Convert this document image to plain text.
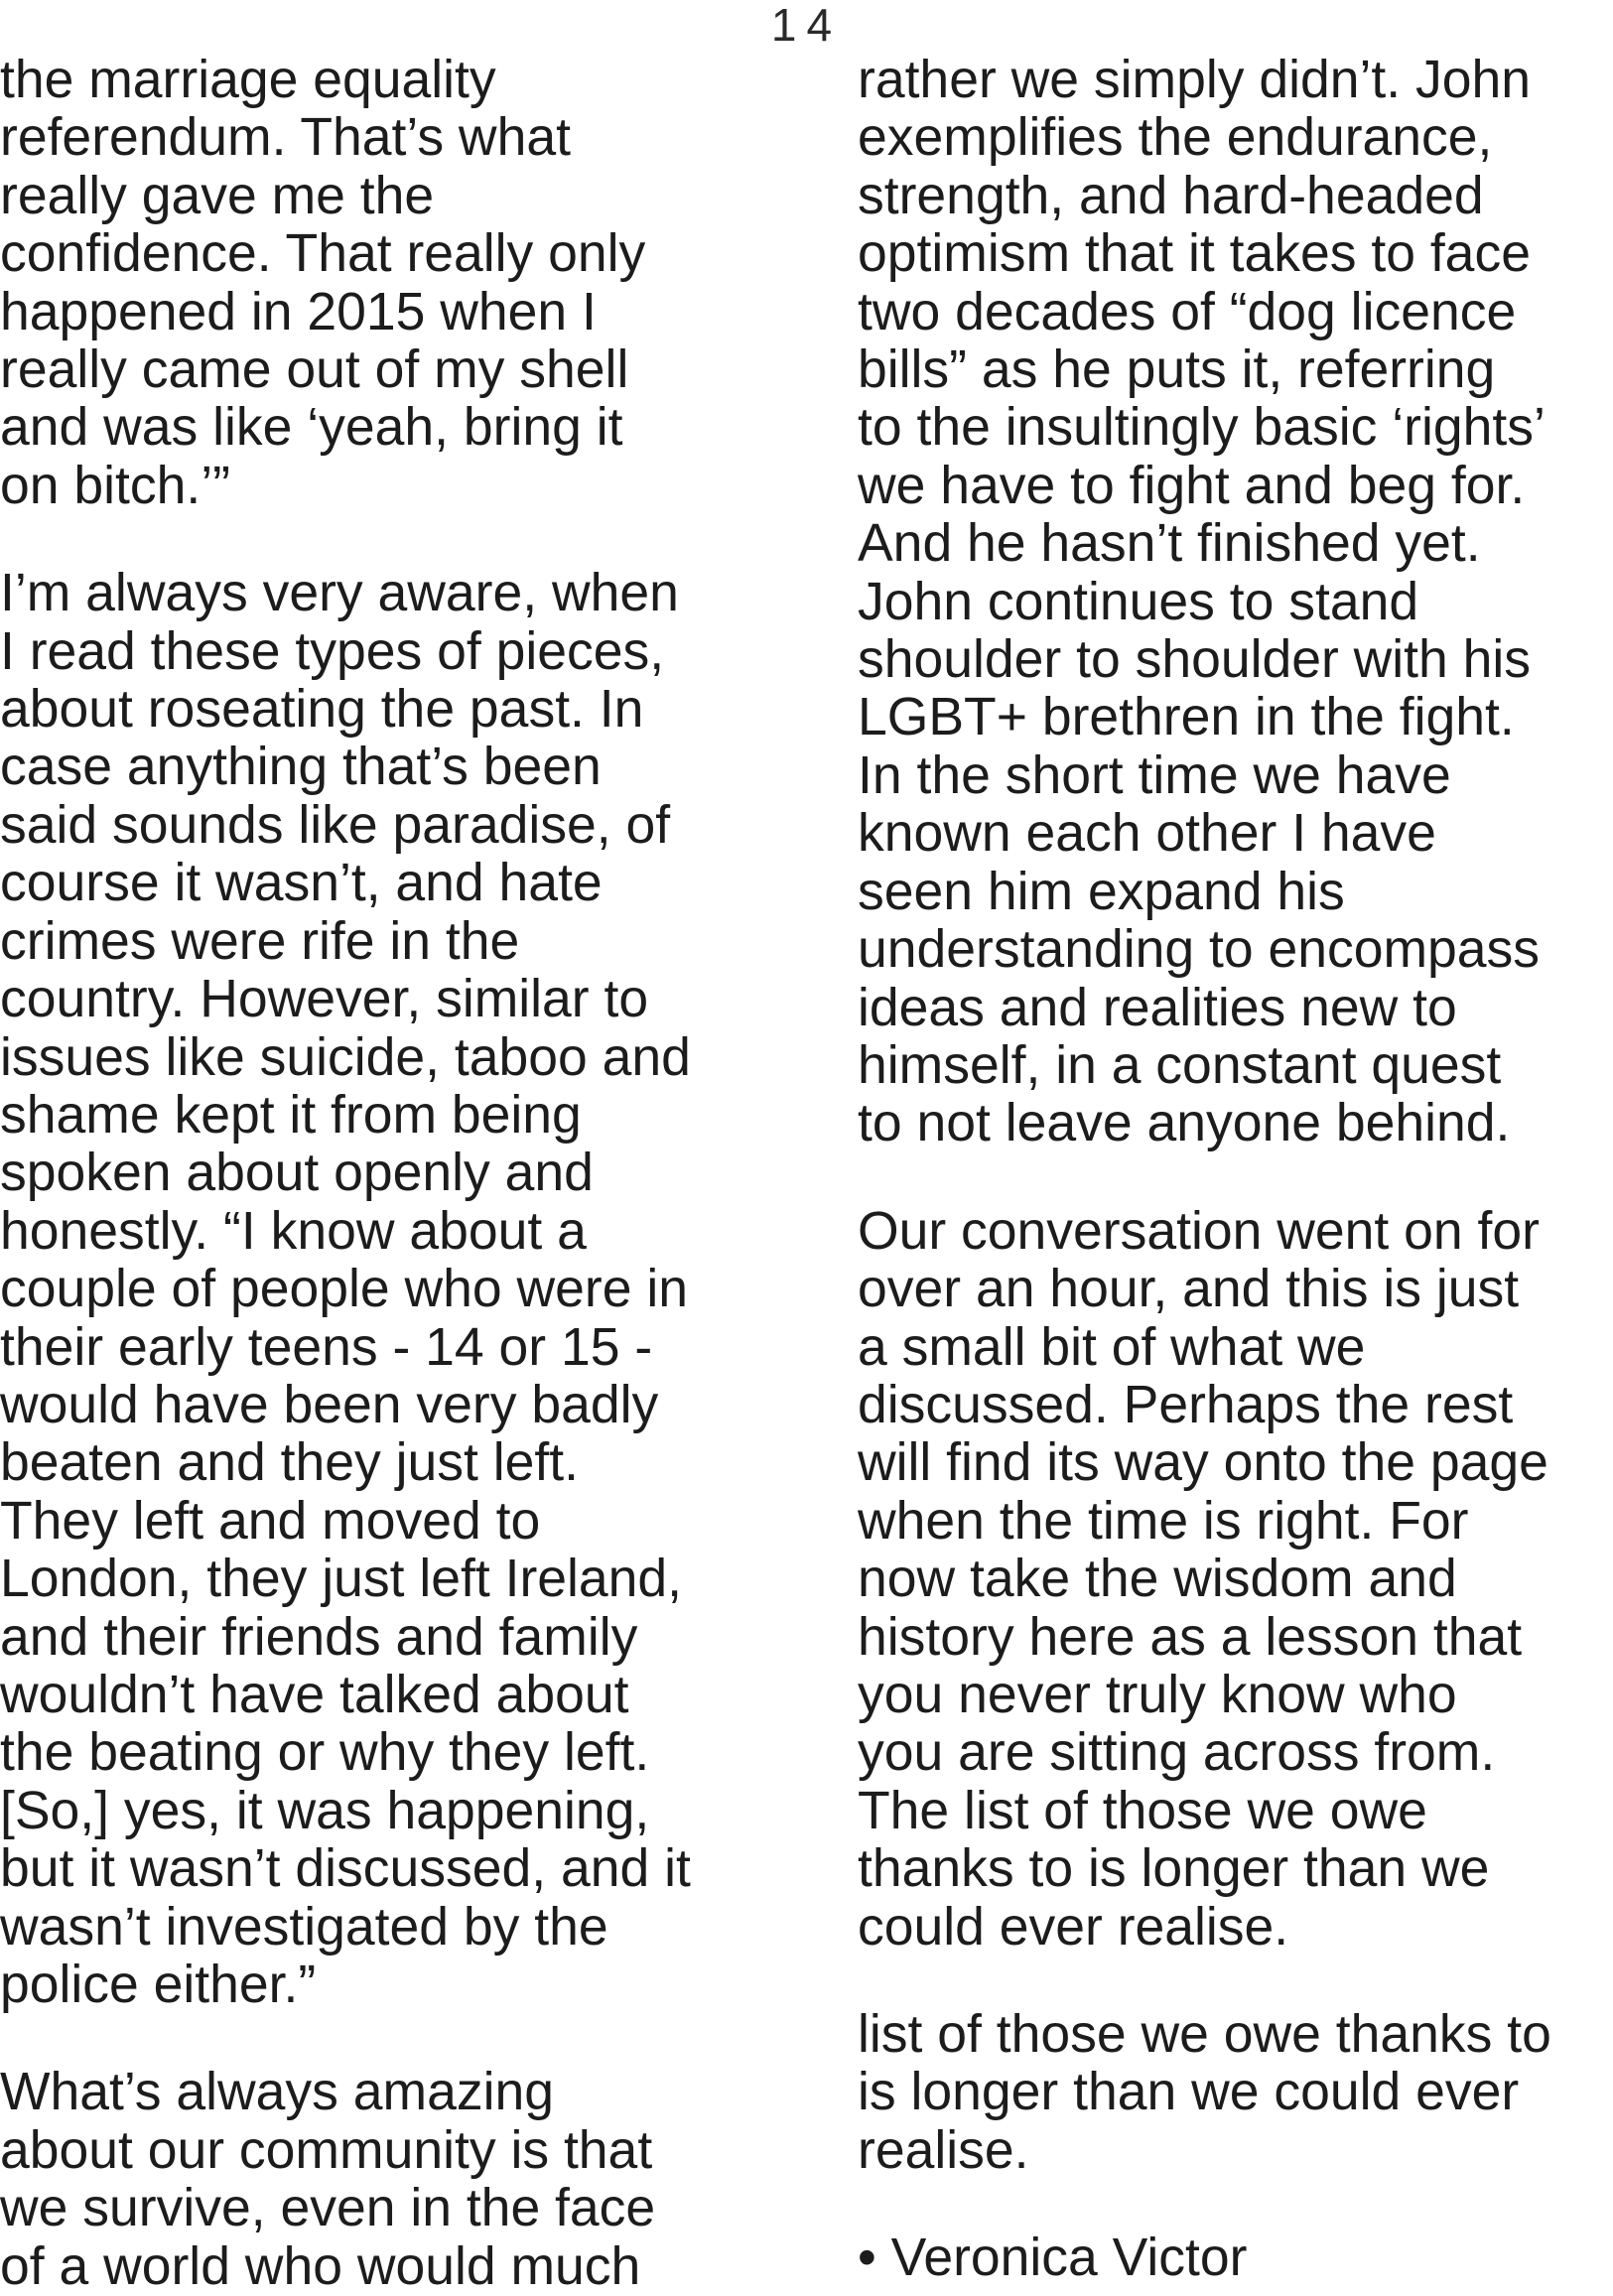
14

the marriage equality
referendum. That’s what
really gave me the
confidence. That really only
happened in 2015 when I
really came out of my shell
and was like ‘yeah, bring it
on bitch.’”

I’m always very aware, when
I read these types of pieces,
about roseating the past. In
case anything that’s been
said sounds like paradise, of
course it wasn’t, and hate
crimes were rife in the
country. However, similar to
issues like suicide, taboo and
shame kept it from being
spoken about openly and
honestly. “I know about a
couple of people who were in
their early teens - 14 or 15 -
would have been very badly
beaten and they just left.
They left and moved to
London, they just left Ireland,
and their friends and family
wouldn’t have talked about
the beating or why they left.
[So,] yes, it was happening,
but it wasn’t discussed, and it
wasn’t investigated by the
police either.”

What’s always amazing
about our community is that
we survive, even in the face
of a world who would much

rather we simply didn’t. John
exemplifies the endurance,
strength, and hard-headed
optimism that it takes to face
two decades of “dog licence
bills” as he puts it, referring
to the insultingly basic ‘rights’
we have to fight and beg for.
And he hasn’t finished yet.
John continues to stand
shoulder to shoulder with his
LGBT+ brethren in the fight.
In the short time we have
known each other I have
seen him expand his
understanding to encompass
ideas and realities new to
himself, in a constant quest
to not leave anyone behind.

Our conversation went on for
over an hour, and this is just
a small bit of what we
discussed. Perhaps the rest
will find its way onto the page
when the time is right. For
now take the wisdom and
history here as a lesson that
you never truly know who
you are sitting across from.
The list of those we owe
thanks to is longer than we
could ever realise.

list of those we owe thanks to
is longer than we could ever
realise.

• Veronica Victor
